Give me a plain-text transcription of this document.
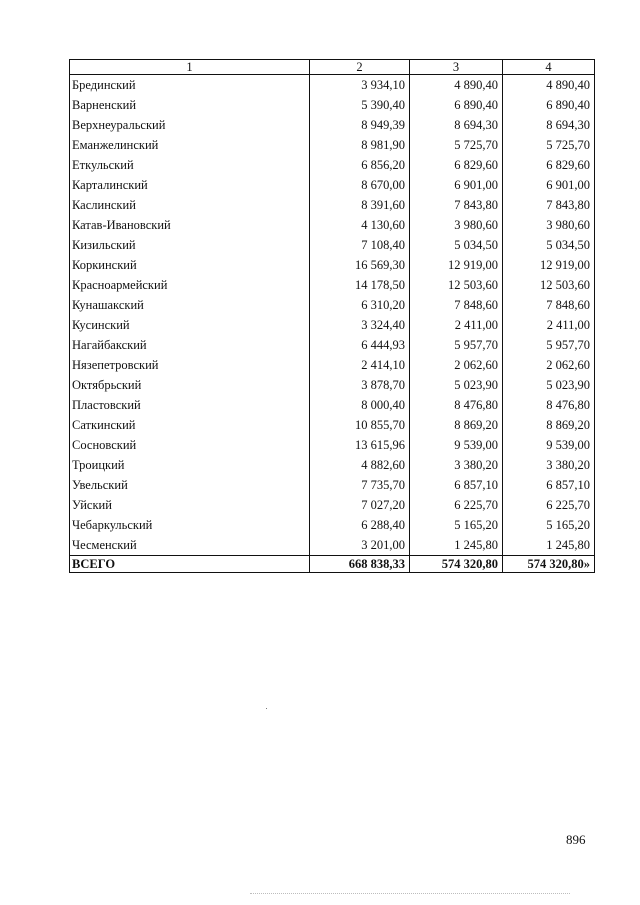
1	2	3	4
Брединский	3 934,10	4 890,40	4 890,40
Варненский	5 390,40	6 890,40	6 890,40
Верхнеуральский	8 949,39	8 694,30	8 694,30
Еманжелинский	8 981,90	5 725,70	5 725,70
Еткульский	6 856,20	6 829,60	6 829,60
Карталинский	8 670,00	6 901,00	6 901,00
Каслинский	8 391,60	7 843,80	7 843,80
Катав-Ивановский	4 130,60	3 980,60	3 980,60
Кизильский	7 108,40	5 034,50	5 034,50
Коркинский	16 569,30	12 919,00	12 919,00
Красноармейский	14 178,50	12 503,60	12 503,60
Кунашакский	6 310,20	7 848,60	7 848,60
Кусинский	3 324,40	2 411,00	2 411,00
Нагайбакский	6 444,93	5 957,70	5 957,70
Нязепетровский	2 414,10	2 062,60	2 062,60
Октябрьский	3 878,70	5 023,90	5 023,90
Пластовский	8 000,40	8 476,80	8 476,80
Саткинский	10 855,70	8 869,20	8 869,20
Сосновский	13 615,96	9 539,00	9 539,00
Троицкий	4 882,60	3 380,20	3 380,20
Увельский	7 735,70	6 857,10	6 857,10
Уйский	7 027,20	6 225,70	6 225,70
Чебаркульский	6 288,40	5 165,20	5 165,20
Чесменский	3 201,00	1 245,80	1 245,80
ВСЕГО	668 838,33	574 320,80	574 320,80»
896
